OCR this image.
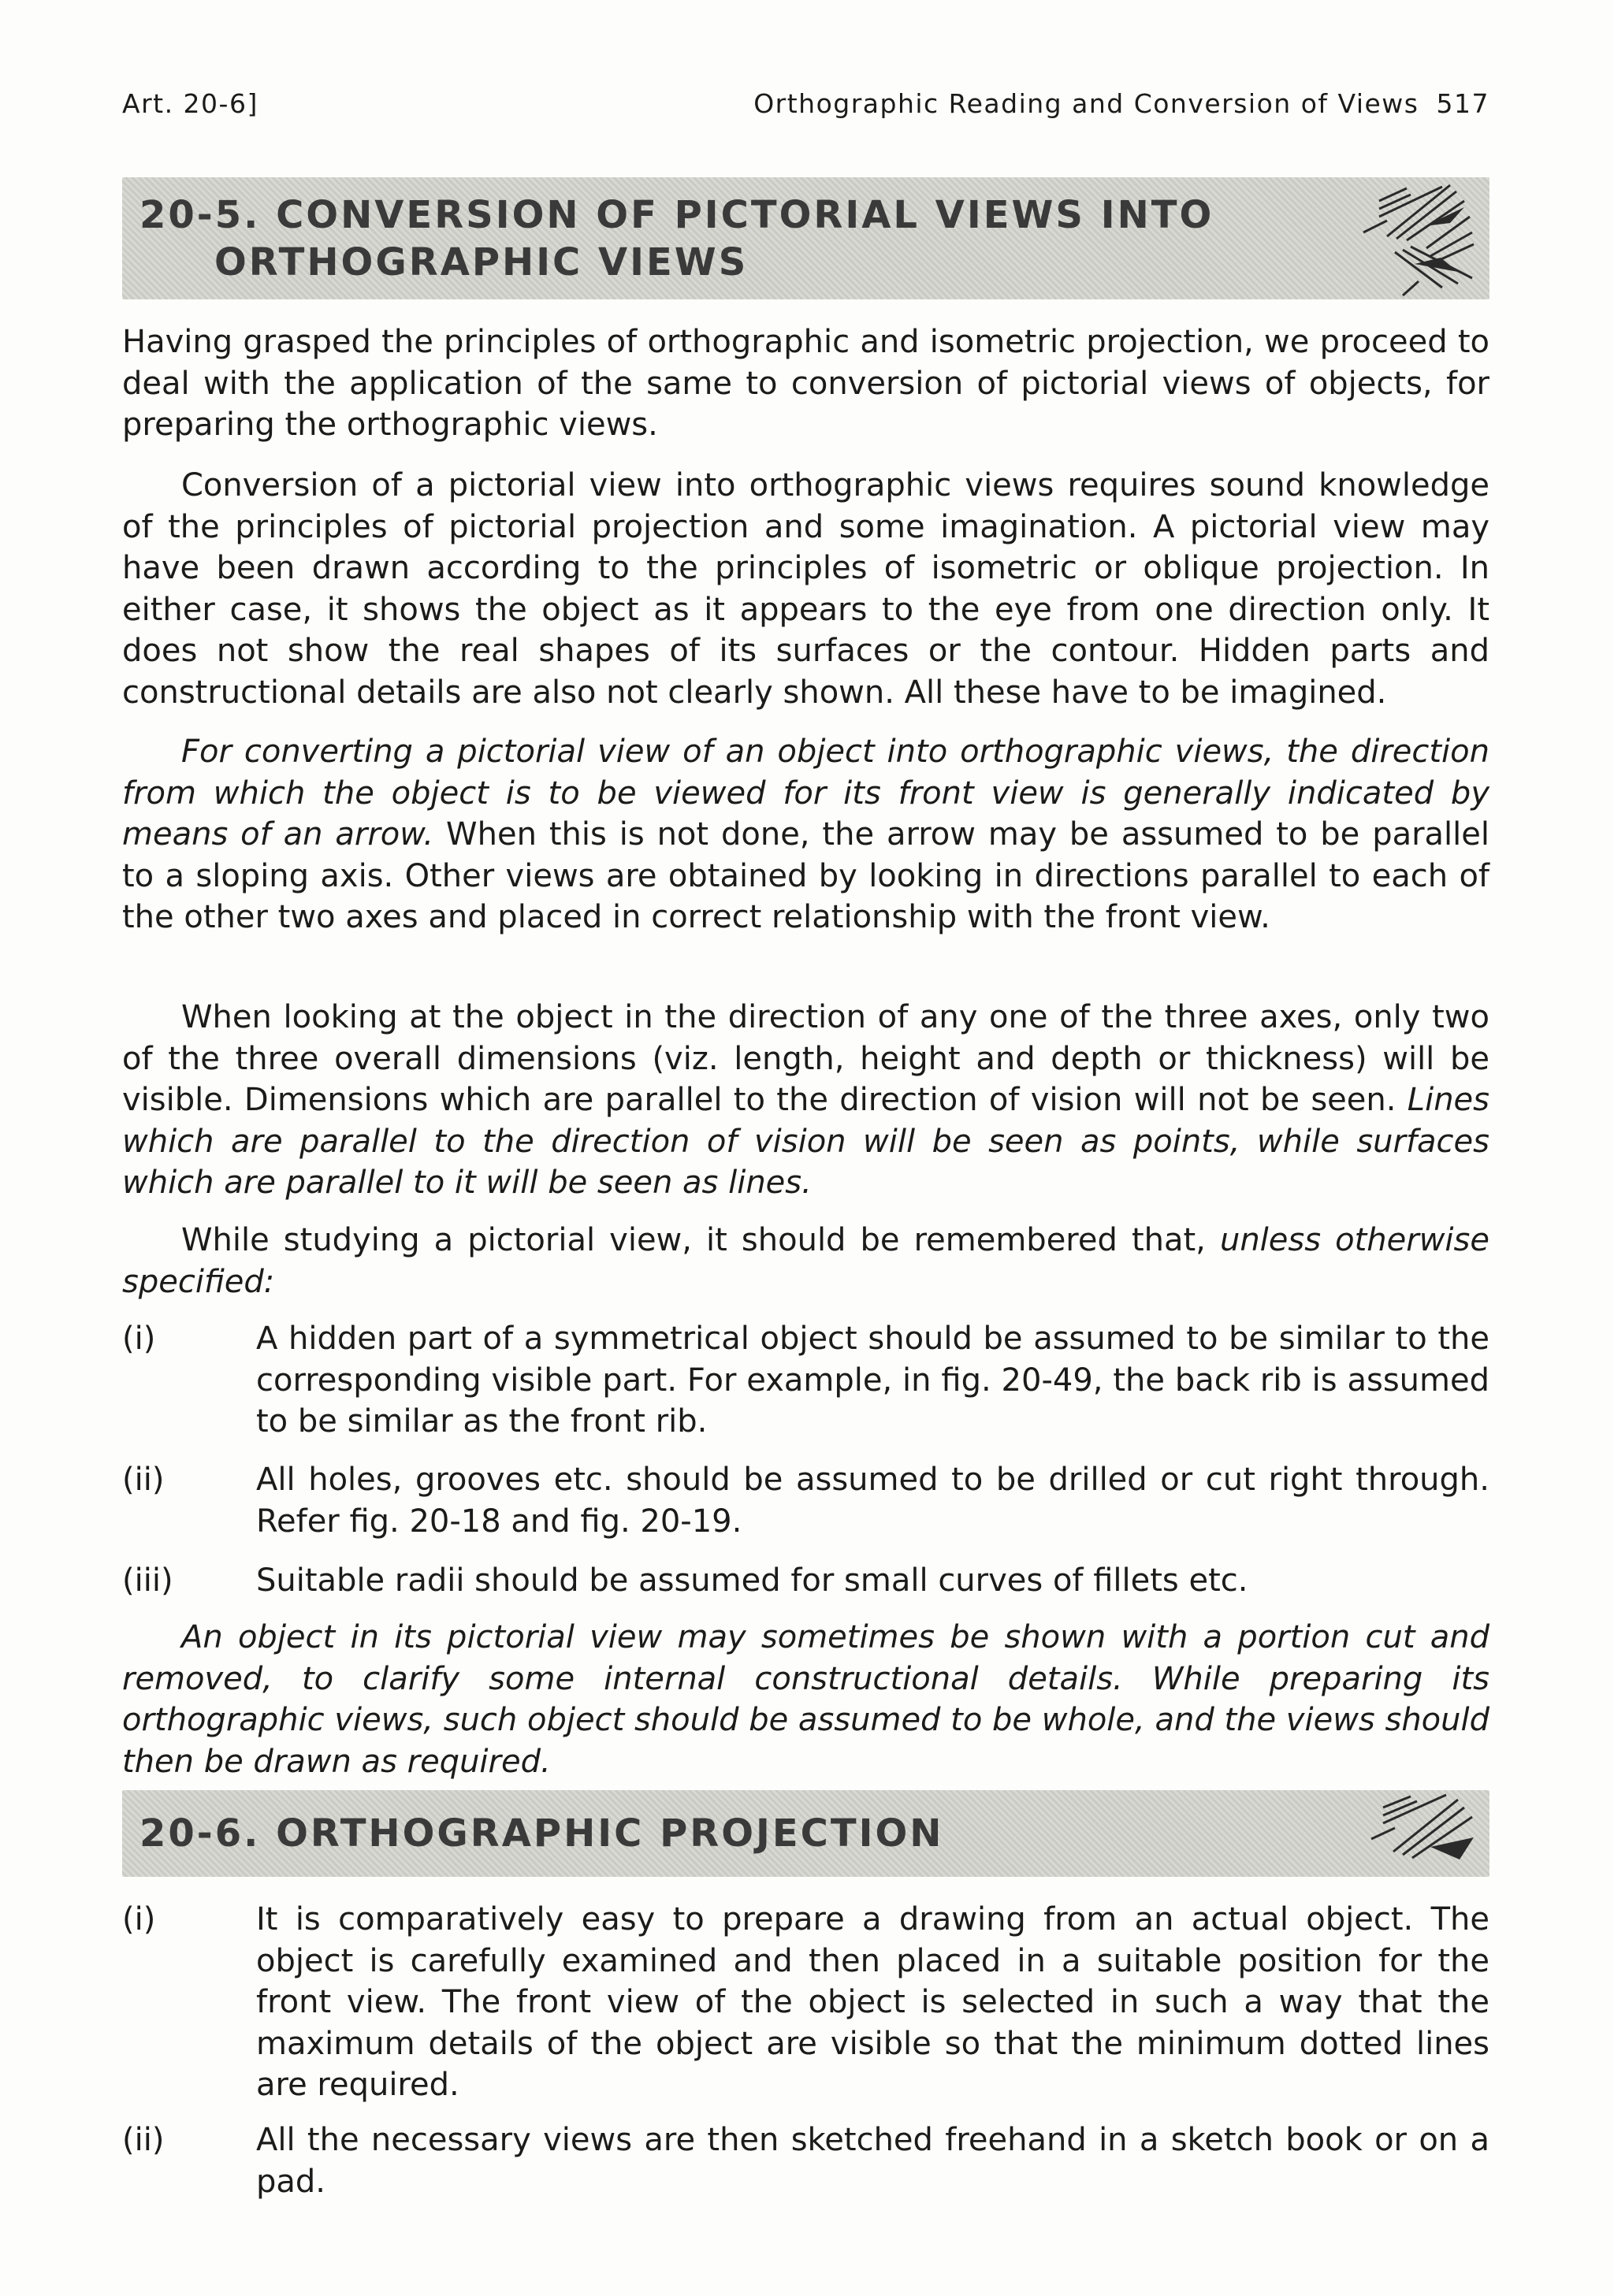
Art. 20-6]	Orthographic Reading and Conversion of Views 517
20-5. CONVERSION OF PICTORIAL VIEWS INTO
ORTHOGRAPHIC VIEWS

Having grasped the principles of orthographic and isometric projection, we proceed to deal with the application of the same to conversion of pictorial views of objects, for preparing the orthographic views.

Conversion of a pictorial view into orthographic views requires sound knowledge of the principles of pictorial projection and some imagination. A pictorial view may have been drawn according to the principles of isometric or oblique projection. In either case, it shows the object as it appears to the eye from one direction only. It does not show the real shapes of its surfaces or the contour. Hidden parts and constructional details are also not clearly shown. All these have to be imagined.

For converting a pictorial view of an object into orthographic views, the direction from which the object is to be viewed for its front view is generally indicated by means of an arrow. When this is not done, the arrow may be assumed to be parallel to a sloping axis. Other views are obtained by looking in directions parallel to each of the other two axes and placed in correct relationship with the front view.

When looking at the object in the direction of any one of the three axes, only two of the three overall dimensions (viz. length, height and depth or thickness) will be visible. Dimensions which are parallel to the direction of vision will not be seen. Lines which are parallel to the direction of vision will be seen as points, while surfaces which are parallel to it will be seen as lines.

While studying a pictorial view, it should be remembered that, unless otherwise specified:

(i)	A hidden part of a symmetrical object should be assumed to be similar to the corresponding visible part. For example, in fig. 20-49, the back rib is assumed to be similar as the front rib.
(ii)	All holes, grooves etc. should be assumed to be drilled or cut right through. Refer fig. 20-18 and fig. 20-19.
(iii)	Suitable radii should be assumed for small curves of fillets etc.

An object in its pictorial view may sometimes be shown with a portion cut and removed, to clarify some internal constructional details. While preparing its orthographic views, such object should be assumed to be whole, and the views should then be drawn as required.

20-6. ORTHOGRAPHIC PROJECTION
(i)	It is comparatively easy to prepare a drawing from an actual object. The object is carefully examined and then placed in a suitable position for the front view. The front view of the object is selected in such a way that the maximum details of the object are visible so that the minimum dotted lines are required.
(ii)	All the necessary views are then sketched freehand in a sketch book or on a pad.
